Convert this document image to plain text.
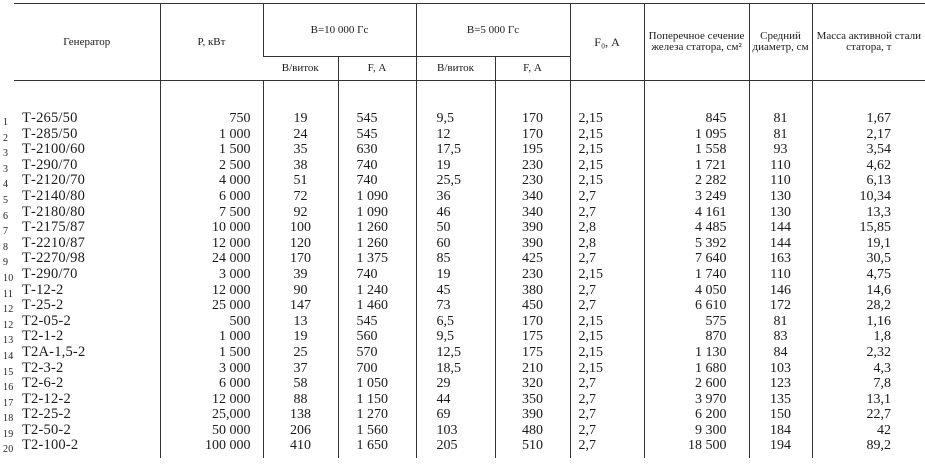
Генератор	P, кВт	B=10 000 Гс		B=5 000 Гс		F₀, А	Поперечное сечение железа статора, см²	Средний диаметр, см	Масса активной стали статора, т
		В/виток	F, А	В/виток	F, А				

1 Т-265/50	750	19	545	9,5	170	2,15	845	81	1,67

2 Т-285/50	1 000	24	545	12	170	2,15	1 095	81	2,17

3 Т-2100/60	1 500	35	630	17,5	195	2,15	1 558	93	3,54

3 Т-290/70	2 500	38	740	19	230	2,15	1 721	110	4,62

4 Т-2120/70	4 000	51	740	25,5	230	2,15	2 282	110	6,13

5 Т-2140/80	6 000	72	1 090	36	340	2,7	3 249	130	10,34

6 Т-2180/80	7 500	92	1 090	46	340	2,7	4 161	130	13,3

7 Т-2175/87	10 000	100	1 260	50	390	2,8	4 485	144	15,85

8 Т-2210/87	12 000	120	1 260	60	390	2,8	5 392	144	19,1

9 Т-2270/98	24 000	170	1 375	85	425	2,7	7 640	163	30,5

10 Т-290/70	3 000	39	740	19	230	2,15	1 740	110	4,75

11 Т-12-2	12 000	90	1 240	45	380	2,7	4 050	146	14,6

12 Т-25-2	25 000	147	1 460	73	450	2,7	6 610	172	28,2

12 Т2-05-2	500	13	545	6,5	170	2,15	575	81	1,16

13 Т2-1-2	1 000	19	560	9,5	175	2,15	870	83	1,8

14 Т2А-1,5-2	1 500	25	570	12,5	175	2,15	1 130	84	2,32

15 Т2-3-2	3 000	37	700	18,5	210	2,15	1 680	103	4,3

16 Т2-6-2	6 000	58	1 050	29	320	2,7	2 600	123	7,8

17 Т2-12-2	12 000	88	1 150	44	350	2,7	3 970	135	13,1

18 Т2-25-2	25,000	138	1 270	69	390	2,7	6 200	150	22,7

19 Т2-50-2	50 000	206	1 560	103	480	2,7	9 300	184	42

20 Т2-100-2	100 000	410	1 650	205	510	2,7	18 500	194	89,2
